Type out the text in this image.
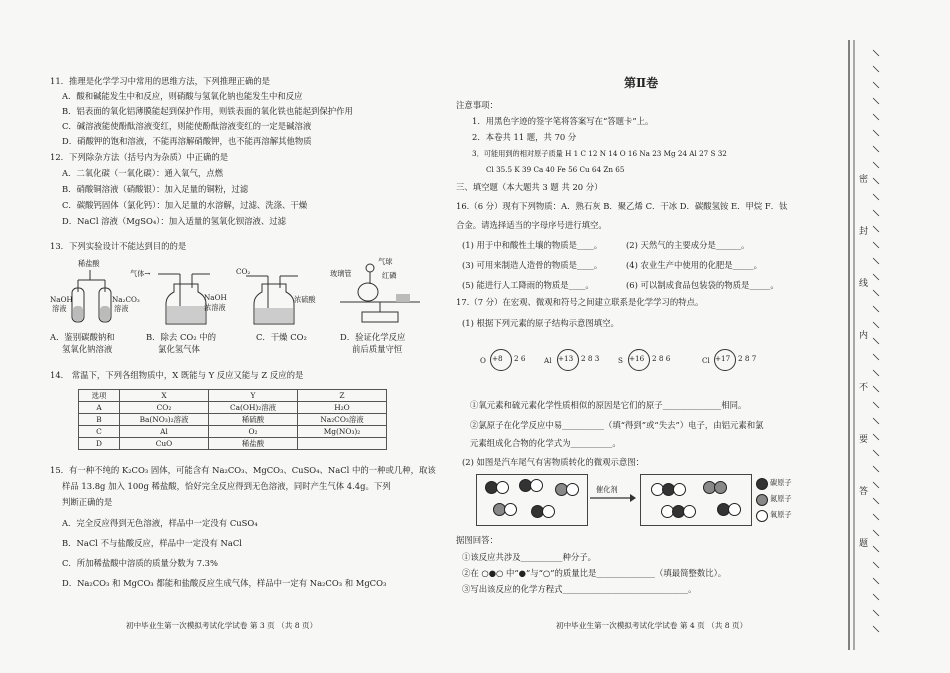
11．推理是化学学习中常用的思维方法，下列推理正确的是
A．酸和碱能发生中和反应，则硝酸与氢氧化钠也能发生中和反应
B．铝表面的氧化铝薄膜能起到保护作用，则铁表面的氧化铁也能起到保护作用
C．碱溶液能使酚酞溶液变红，则能使酚酞溶液变红的一定是碱溶液
D．硝酸钾的饱和溶液，不能再溶解硝酸钾，也不能再溶解其他物质
12．下列除杂方法（括号内为杂质）中正确的是
A．二氧化碳（一氧化碳）：通入氧气，点燃
B．硝酸铜溶液（硝酸银）：加入足量的铜粉，过滤
C．碳酸钙固体（氯化钙）：加入足量的水溶解，过滤、洗涤、干燥
D．NaCl 溶液（MgSO₄）：加入适量的氢氧化钡溶液、过滤
13．下列实验设计不能达到目的的是
稀盐酸
NaOH
溶液
Na₂CO₃
溶液
气体→
NaOH
浓溶液
CO₂
浓硫酸
气球
红磷
玻璃管
A．鉴别碳酸钠和
氢氧化钠溶液
B．除去 CO₂ 中的
氯化氢气体
C．干燥 CO₂	D．验证化学反应
前后质量守恒
14． 常温下，下列各组物质中，X 既能与 Y 反应又能与 Z 反应的是
选项	X	Y	Z
A	CO₂	Ca(OH)₂溶液	H₂O
B	Ba(NO₃)₂溶液	稀硫酸	Na₂CO₃溶液
C	Al	O₂	Mg(NO₃)₂
D	CuO	稀盐酸	
15．有一种不纯的 K₂CO₃ 固体，可能含有 Na₂CO₃、MgCO₃、CuSO₄、NaCl 中的一种或几种，取该
样品 13.8g 加入 100g 稀盐酸，恰好完全反应得到无色溶液，同时产生气体 4.4g。下列
判断正确的是
A．完全反应得到无色溶液，样品中一定没有 CuSO₄
B．NaCl 不与盐酸反应，样品中一定没有 NaCl
C．所加稀盐酸中溶质的质量分数为 7.3%
D．Na₂CO₃ 和 MgCO₃ 都能和盐酸反应生成气体，样品中一定有 Na₂CO₃ 和 MgCO₃
初中毕业生第一次模拟考试化学试卷 第 3 页 （共 8 页）
第Ⅱ卷
注意事项：
1．用黑色字迹的签字笔将答案写在“答题卡”上。
2．本卷共 11 题，共 70 分
3．可能用到的相对原子质量 H 1 C 12 N 14 O 16 Na 23 Mg 24 Al 27 S 32
Cl 35.5 K 39 Ca 40 Fe 56 Cu 64 Zn 65
三、填空题（本大题共 3 题 共 20 分）
16.（6 分）现有下列物质：A．熟石灰 B．聚乙烯 C．干冰 D．碳酸氢铵 E．甲烷 F．钛
合金。请选择适当的字母序号进行填空。
(1) 用于中和酸性土壤的物质是____。	(2) 天然气的主要成分是______。
(3) 可用来制造人造骨的物质是____。	(4) 农业生产中使用的化肥是_____。
(5) 能进行人工降雨的物质是____。	(6) 可以制成食品包装袋的物质是_____。
17.（7 分）在宏观、微观和符号之间建立联系是化学学习的特点。
(1) 根据下列元素的原子结构示意图填空。
O +8 2 6	Al +13 2 8 3	S +16 2 8 6	Cl +17 2 8 7
①氧元素和硫元素化学性质相似的原因是它们的原子______________相同。
②氯原子在化学反应中易__________（填“得到”或“失去”）电子，由铝元素和氯
元素组成化合物的化学式为__________。
(2) 如图是汽车尾气有害物质转化的微观示意图：
催化剂
碳原子
氮原子
氧原子
据图回答：
①该反应共涉及__________种分子。
②在 ○●○ 中“●”与“○”的质量比是______________（填最简整数比）。
③写出该反应的化学方程式______________________________。
初中毕业生第一次模拟考试化学试卷 第 4 页 （共 8 页）
密
封
线
内
不
要
答
题
